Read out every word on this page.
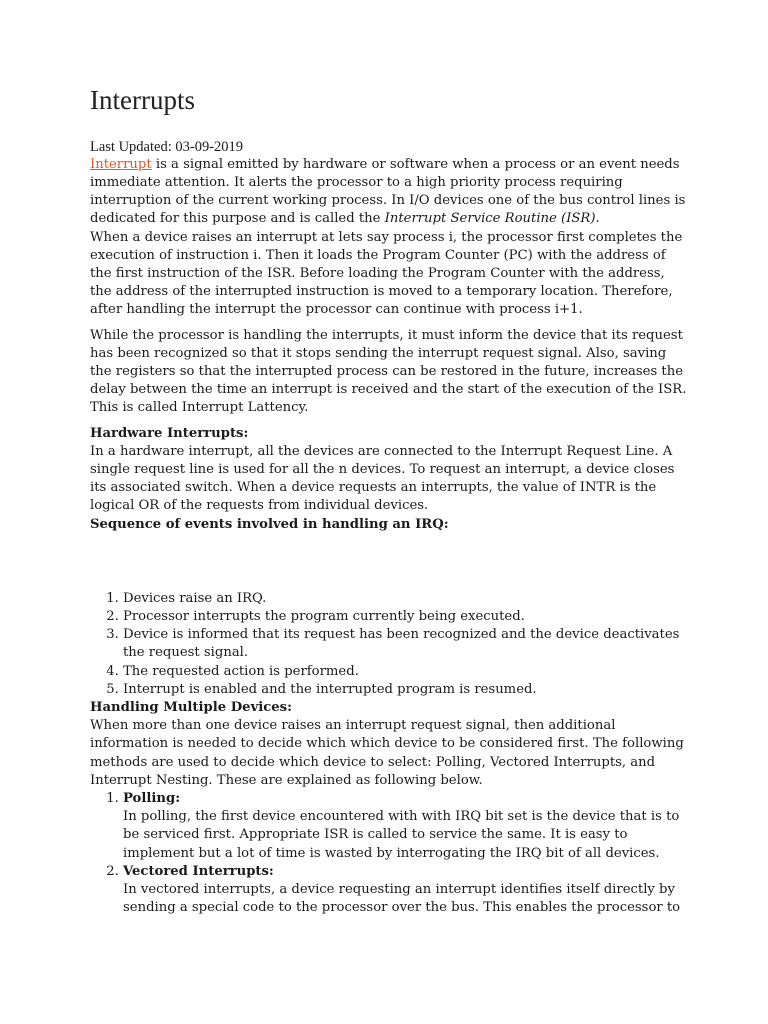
Interrupts
Last Updated: 03-09-2019

Interrupt is a signal emitted by hardware or software when a process or an event needs immediate attention. It alerts the processor to a high priority process requiring interruption of the current working process. In I/O devices one of the bus control lines is dedicated for this purpose and is called the Interrupt Service Routine (ISR).

When a device raises an interrupt at lets say process i, the processor first completes the execution of instruction i. Then it loads the Program Counter (PC) with the address of the first instruction of the ISR. Before loading the Program Counter with the address, the address of the interrupted instruction is moved to a temporary location. Therefore, after handling the interrupt the processor can continue with process i+1.

While the processor is handling the interrupts, it must inform the device that its request has been recognized so that it stops sending the interrupt request signal. Also, saving the registers so that the interrupted process can be restored in the future, increases the delay between the time an interrupt is received and the start of the execution of the ISR. This is called Interrupt Lattency.

Hardware Interrupts:

In a hardware interrupt, all the devices are connected to the Interrupt Request Line. A single request line is used for all the n devices. To request an interrupt, a device closes its associated switch. When a device requests an interrupts, the value of INTR is the logical OR of the requests from individual devices.

Sequence of events involved in handling an IRQ:

1. Devices raise an IRQ.
2. Processor interrupts the program currently being executed.
3. Device is informed that its request has been recognized and the device deactivates the request signal.
4. The requested action is performed.
5. Interrupt is enabled and the interrupted program is resumed.

Handling Multiple Devices:

When more than one device raises an interrupt request signal, then additional information is needed to decide which which device to be considered first. The following methods are used to decide which device to select: Polling, Vectored Interrupts, and Interrupt Nesting. These are explained as following below.

1. Polling:
In polling, the first device encountered with with IRQ bit set is the device that is to be serviced first. Appropriate ISR is called to service the same. It is easy to implement but a lot of time is wasted by interrogating the IRQ bit of all devices.
2. Vectored Interrupts:
In vectored interrupts, a device requesting an interrupt identifies itself directly by sending a special code to the processor over the bus. This enables the processor to
